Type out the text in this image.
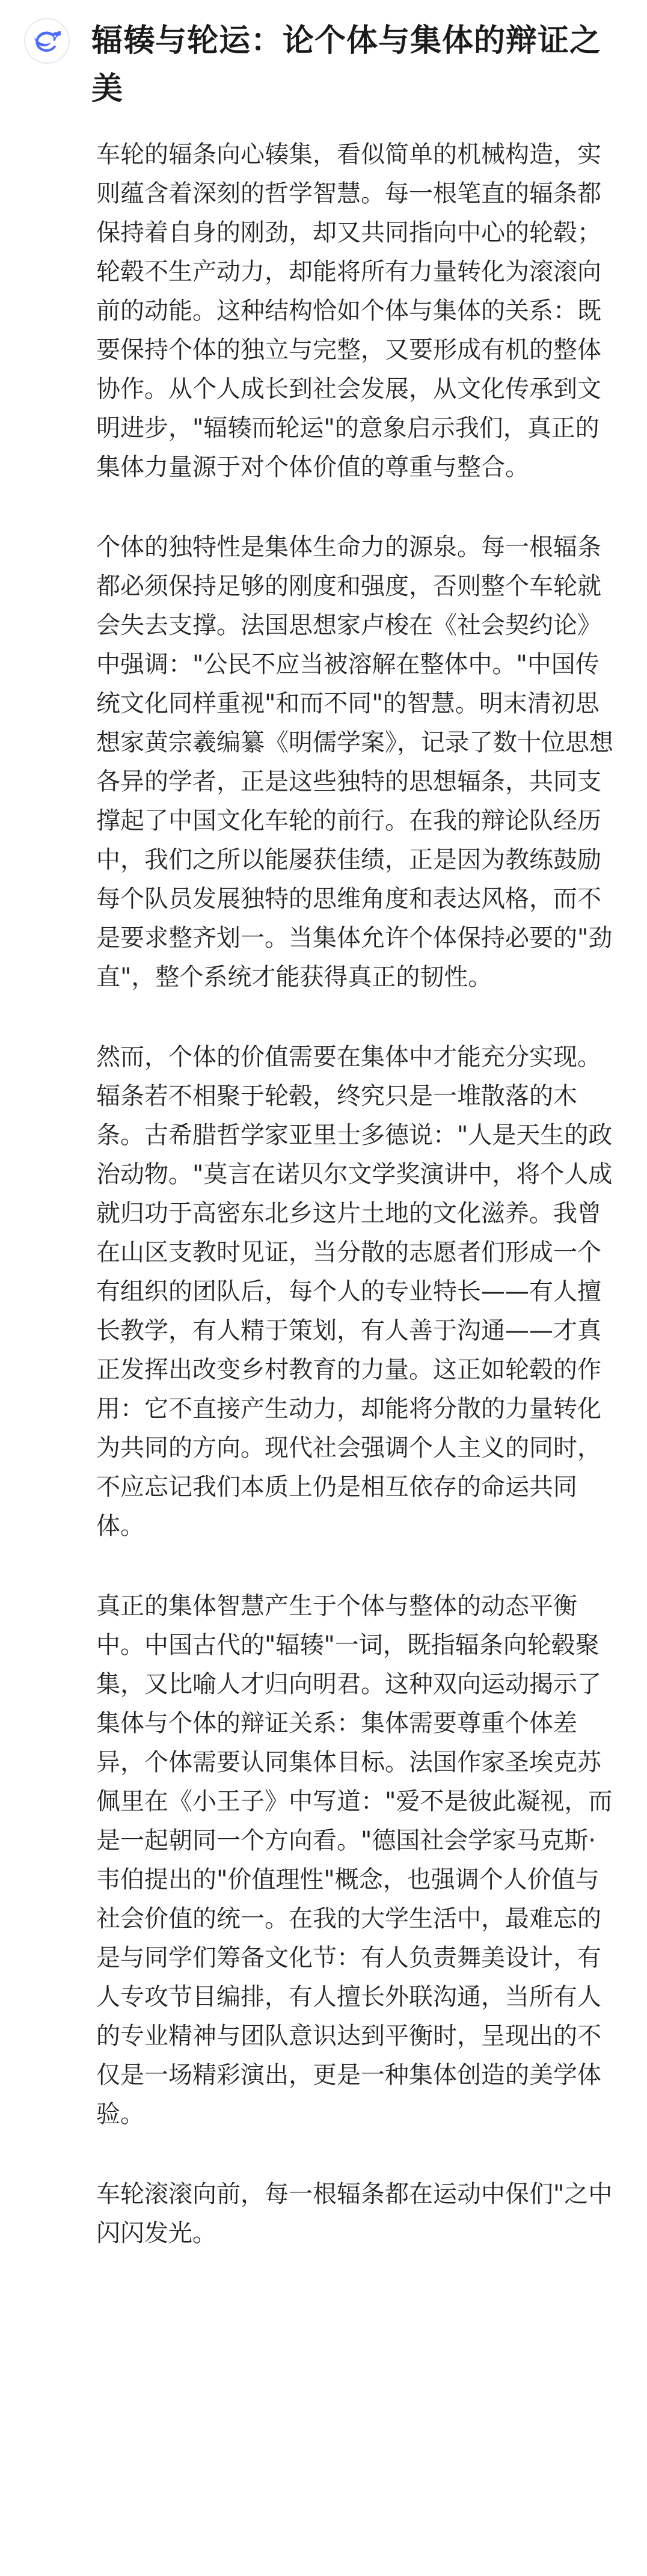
辐辏与轮运：论个体与集体的辩证之美

车轮的辐条向心辏集，看似简单的机械构造，实则蕴含着深刻的哲学智慧。每一根笔直的辐条都保持着自身的刚劲，却又共同指向中心的轮毂；轮毂不生产动力，却能将所有力量转化为滚滚向前的动能。这种结构恰如个体与集体的关系：既要保持个体的独立与完整，又要形成有机的整体协作。从个人成长到社会发展，从文化传承到文明进步，"辐辏而轮运"的意象启示我们，真正的集体力量源于对个体价值的尊重与整合。

个体的独特性是集体生命力的源泉。每一根辐条都必须保持足够的刚度和强度，否则整个车轮就会失去支撑。法国思想家卢梭在《社会契约论》中强调："公民不应当被溶解在整体中。"中国传统文化同样重视"和而不同"的智慧。明末清初思想家黄宗羲编纂《明儒学案》，记录了数十位思想各异的学者，正是这些独特的思想辐条，共同支撑起了中国文化车轮的前行。在我的辩论队经历中，我们之所以能屡获佳绩，正是因为教练鼓励每个队员发展独特的思维角度和表达风格，而不是要求整齐划一。当集体允许个体保持必要的"劲直"，整个系统才能获得真正的韧性。

然而，个体的价值需要在集体中才能充分实现。辐条若不相聚于轮毂，终究只是一堆散落的木条。古希腊哲学家亚里士多德说："人是天生的政治动物。"莫言在诺贝尔文学奖演讲中，将个人成就归功于高密东北乡这片土地的文化滋养。我曾在山区支教时见证，当分散的志愿者们形成一个有组织的团队后，每个人的专业特长——有人擅长教学，有人精于策划，有人善于沟通——才真正发挥出改变乡村教育的力量。这正如轮毂的作用：它不直接产生动力，却能将分散的力量转化为共同的方向。现代社会强调个人主义的同时，不应忘记我们本质上仍是相互依存的命运共同体。

真正的集体智慧产生于个体与整体的动态平衡中。中国古代的"辐辏"一词，既指辐条向轮毂聚集，又比喻人才归向明君。这种双向运动揭示了集体与个体的辩证关系：集体需要尊重个体差异，个体需要认同集体目标。法国作家圣埃克苏佩里在《小王子》中写道："爱不是彼此凝视，而是一起朝同一个方向看。"德国社会学家马克斯·韦伯提出的"价值理性"概念，也强调个人价值与社会价值的统一。在我的大学生活中，最难忘的是与同学们筹备文化节：有人负责舞美设计，有人专攻节目编排，有人擅长外联沟通，当所有人的专业精神与团队意识达到平衡时，呈现出的不仅是一场精彩演出，更是一种集体创造的美学体验。

车轮滚滚向前，每一根辐条都在运动中保们"之中闪闪发光。
